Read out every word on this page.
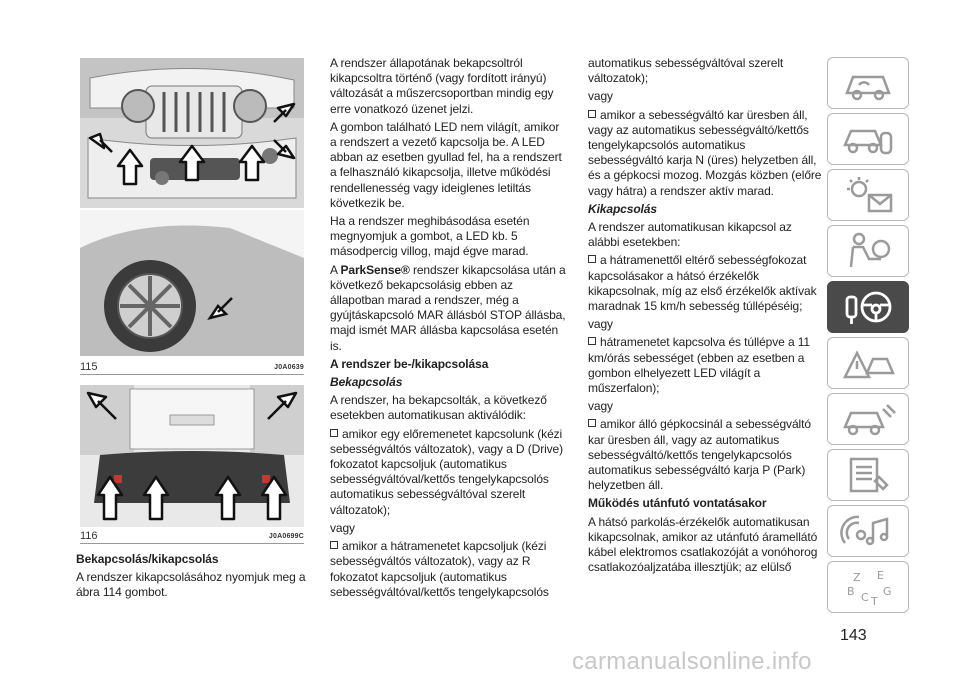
115	J0A0639
116	J0A0699C

Bekapcsolás/kikapcsolás

A rendszer kikapcsolásához nyomjuk meg a ábra 114 gombot.

A rendszer állapotának bekapcsoltról kikapcsoltra történő (vagy fordított irányú) változását a műszercsoportban mindig egy erre vonatkozó üzenet jelzi.

A gombon található LED nem világít, amikor a rendszert a vezető kapcsolja be. A LED abban az esetben gyullad fel, ha a rendszert a felhasználó kikapcsolja, illetve működési rendellenesség vagy ideiglenes letiltás következik be.

Ha a rendszer meghibásodása esetén megnyomjuk a gombot, a LED kb. 5 másodpercig villog, majd égve marad.

A ParkSense® rendszer kikapcsolása után a következő bekapcsolásig ebben az állapotban marad a rendszer, még a gyújtáskapcsoló MAR állásból STOP állásba, majd ismét MAR állásba kapcsolása esetén is.

A rendszer be-/kikapcsolása

Bekapcsolás

A rendszer, ha bekapcsolták, a következő esetekben automatikusan aktiválódik:

amikor egy előremenetet kapcsolunk (kézi sebességváltós változatok), vagy a D (Drive) fokozatot kapcsoljuk (automatikus sebességváltóval/kettős tengelykapcsolós automatikus sebességváltóval szerelt változatok);

vagy

amikor a hátramenetet kapcsoljuk (kézi sebességváltós változatok), vagy az R fokozatot kapcsoljuk (automatikus sebességváltóval/kettős tengelykapcsolós

automatikus sebességváltóval szerelt változatok);

vagy

amikor a sebességváltó kar üresben áll, vagy az automatikus sebességváltó/kettős tengelykapcsolós automatikus sebességváltó karja N (üres) helyzetben áll, és a gépkocsi mozog. Mozgás közben (előre vagy hátra) a rendszer aktív marad.

Kikapcsolás

A rendszer automatikusan kikapcsol az alábbi esetekben:

a hátramenettől eltérő sebességfokozat kapcsolásakor a hátsó érzékelők kikapcsolnak, míg az első érzékelők aktívak maradnak 15 km/h sebesség túllépéséig;

vagy

hátramenetet kapcsolva és túllépve a 11 km/órás sebességet (ebben az esetben a gombon elhelyezett LED világít a műszerfalon);

vagy

amikor álló gépkocsinál a sebességváltó kar üresben áll, vagy az automatikus sebességváltó/kettős tengelykapcsolós automatikus sebességváltó karja P (Park) helyzetben áll.

Működés utánfutó vontatásakor

A hátsó parkolás-érzékelők automatikusan kikapcsolnak, amikor az utánfutó áramellátó kábel elektromos csatlakozóját a vonóhorog csatlakozóaljzatába illesztjük; az elülső

Z E
B C T
G
143
carmanualsonline.info
